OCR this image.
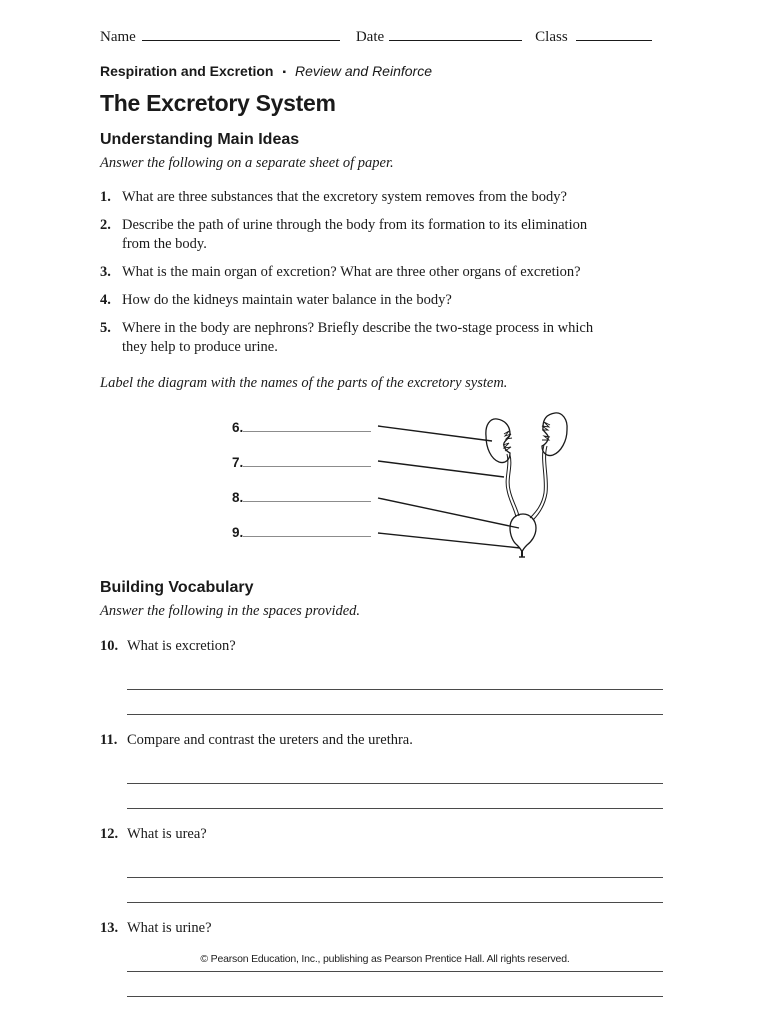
Name	Date	Class
Respiration and Excretion ▪ Review and Reinforce
The Excretory System
Understanding Main Ideas

Answer the following on a separate sheet of paper.

1. What are three substances that the excretory system removes from the body?
2. Describe the path of urine through the body from its formation to its elimination from the body.
3. What is the main organ of excretion? What are three other organs of excretion?
4. How do the kidneys maintain water balance in the body?
5. Where in the body are nephrons? Briefly describe the two-stage process in which they help to produce urine.

Label the diagram with the names of the parts of the excretory system.

6.
7.
8.
9.
Building Vocabulary

Answer the following in the spaces provided.

10. What is excretion?
11. Compare and contrast the ureters and the urethra.
12. What is urea?
13. What is urine?
© Pearson Education, Inc., publishing as Pearson Prentice Hall. All rights reserved.
